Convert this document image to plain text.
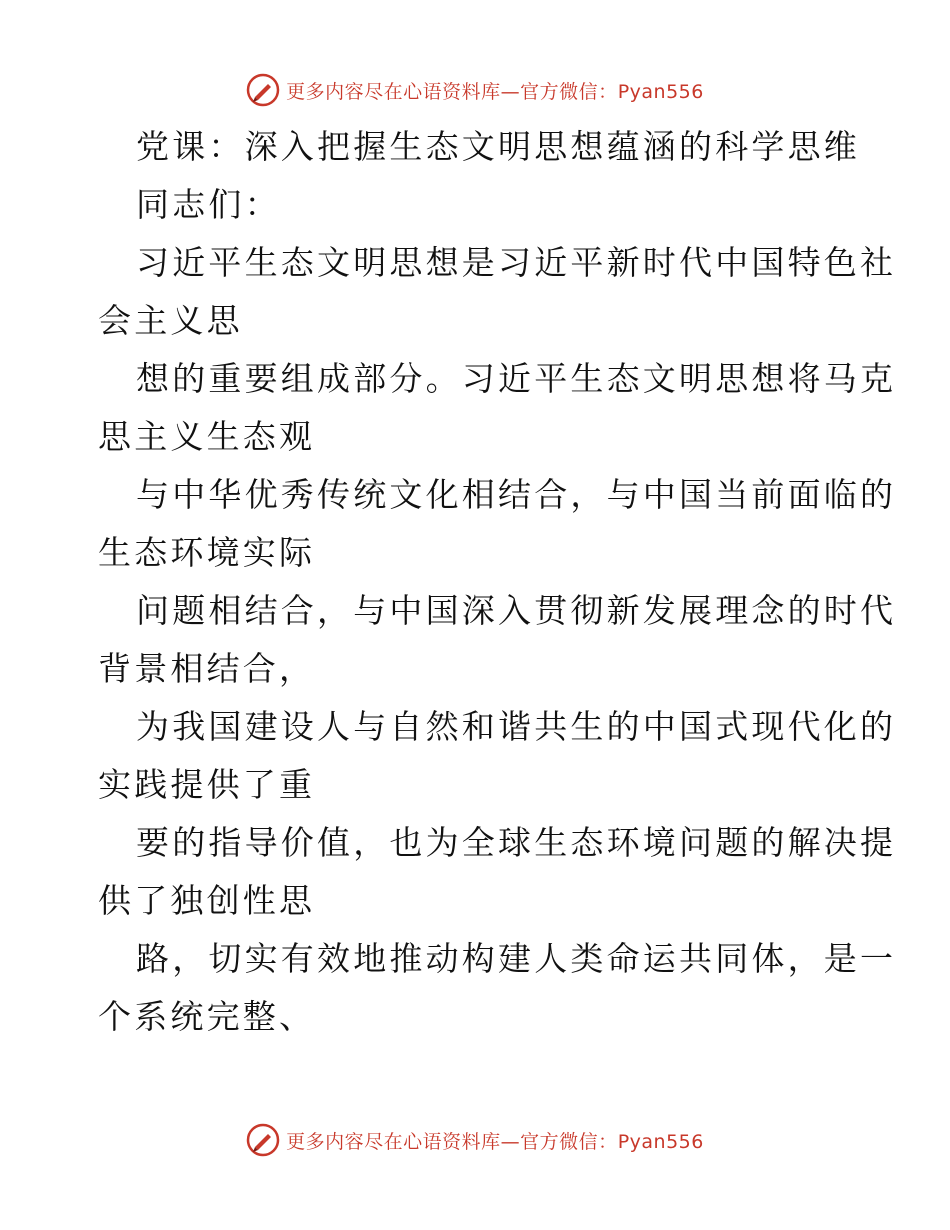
更多内容尽在心语资料库—官方微信：Pyan556
党课：深入把握生态文明思想蕴涵的科学思维
同志们：
习近平生态文明思想是习近平新时代中国特色社
会主义思
想的重要组成部分。习近平生态文明思想将马克
思主义生态观
与中华优秀传统文化相结合，与中国当前面临的
生态环境实际
问题相结合，与中国深入贯彻新发展理念的时代
背景相结合，
为我国建设人与自然和谐共生的中国式现代化的
实践提供了重
要的指导价值，也为全球生态环境问题的解决提
供了独创性思
路，切实有效地推动构建人类命运共同体，是一
个系统完整、
更多内容尽在心语资料库—官方微信：Pyan556
